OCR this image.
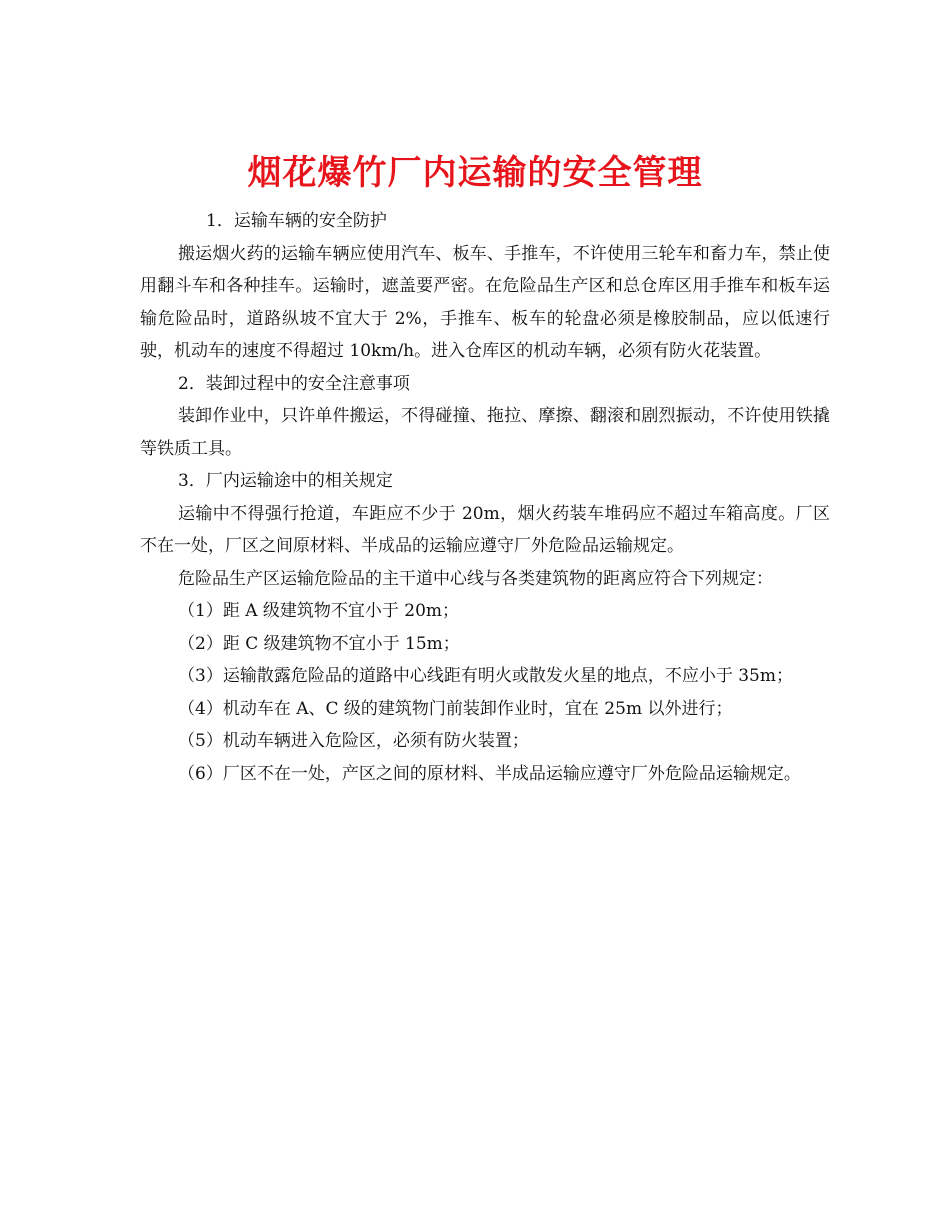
烟花爆竹厂内运输的安全管理

1．运输车辆的安全防护

搬运烟火药的运输车辆应使用汽车、板车、手推车，不许使用三轮车和畜力车，禁止使用翻斗车和各种挂车。运输时，遮盖要严密。在危险品生产区和总仓库区用手推车和板车运输危险品时，道路纵坡不宜大于 2%，手推车、板车的轮盘必须是橡胶制品，应以低速行驶，机动车的速度不得超过 10km/h。进入仓库区的机动车辆，必须有防火花装置。

2．装卸过程中的安全注意事项

装卸作业中，只许单件搬运，不得碰撞、拖拉、摩擦、翻滚和剧烈振动，不许使用铁撬等铁质工具。

3．厂内运输途中的相关规定

运输中不得强行抢道，车距应不少于 20m，烟火药装车堆码应不超过车箱高度。厂区不在一处，厂区之间原材料、半成品的运输应遵守厂外危险品运输规定。

危险品生产区运输危险品的主干道中心线与各类建筑物的距离应符合下列规定：

（1）距 A 级建筑物不宜小于 20m；

（2）距 C 级建筑物不宜小于 15m；

（3）运输散露危险品的道路中心线距有明火或散发火星的地点，不应小于 35m；

（4）机动车在 A、C 级的建筑物门前装卸作业时，宜在 25m 以外进行；

（5）机动车辆进入危险区，必须有防火装置；

（6）厂区不在一处，产区之间的原材料、半成品运输应遵守厂外危险品运输规定。
